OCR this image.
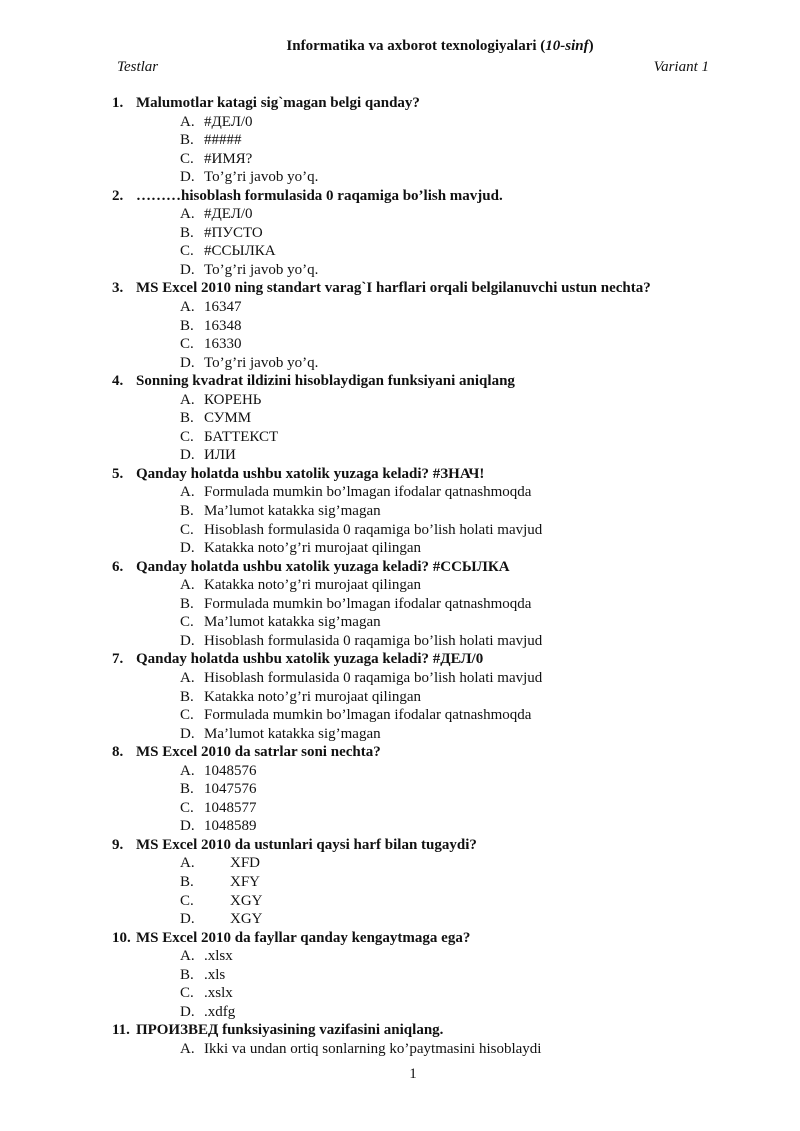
Informatika va axborot texnologiyalari (10-sinf)
Testlar	Variant 1
1. Malumotlar katagi sig`magan belgi qanday?
A. #ДЕЛ/0
B. #####
C. #ИМЯ?
D. To’g’ri javob yo’q.
2. ………hisoblash formulasida 0 raqamiga bo’lish mavjud.
A. #ДЕЛ/0
B. #ПУСТО
C. #ССЫЛКА
D. To’g’ri javob yo’q.
3. MS Excel 2010 ning standart varag`I harflari orqali belgilanuvchi ustun nechta?
A. 16347
B. 16348
C. 16330
D. To’g’ri javob yo’q.
4. Sonning kvadrat ildizini hisoblaydigan funksiyani aniqlang
A. КОРЕНЬ
B. СУММ
C. БАТТЕКСТ
D. ИЛИ
5. Qanday holatda ushbu xatolik yuzaga keladi? #ЗНАЧ!
A. Formulada mumkin bo’lmagan ifodalar qatnashmoqda
B. Ma’lumot katakka sig’magan
C. Hisoblash formulasida 0 raqamiga bo’lish holati mavjud
D. Katakka noto’g’ri murojaat qilingan
6. Qanday holatda ushbu xatolik yuzaga keladi? #ССЫЛКА
A. Katakka noto’g’ri murojaat qilingan
B. Formulada mumkin bo’lmagan ifodalar qatnashmoqda
C. Ma’lumot katakka sig’magan
D. Hisoblash formulasida 0 raqamiga bo’lish holati mavjud
7. Qanday holatda ushbu xatolik yuzaga keladi? #ДЕЛ/0
A. Hisoblash formulasida 0 raqamiga bo’lish holati mavjud
B. Katakka noto’g’ri murojaat qilingan
C. Formulada mumkin bo’lmagan ifodalar qatnashmoqda
D. Ma’lumot katakka sig’magan
8. MS Excel 2010 da satrlar soni nechta?
A. 1048576
B. 1047576
C. 1048577
D. 1048589
9. MS Excel 2010 da ustunlari qaysi harf bilan tugaydi?
A. XFD
B. XFY
C. XGY
D. XGY
10. MS Excel 2010 da fayllar qanday kengaytmaga ega?
A. .xlsx
B. .xls
C. .xslx
D. .xdfg
11. ПРОИЗВЕД funksiyasining vazifasini aniqlang.
A. Ikki va undan ortiq sonlarning ko’paytmasini hisoblaydi
1
